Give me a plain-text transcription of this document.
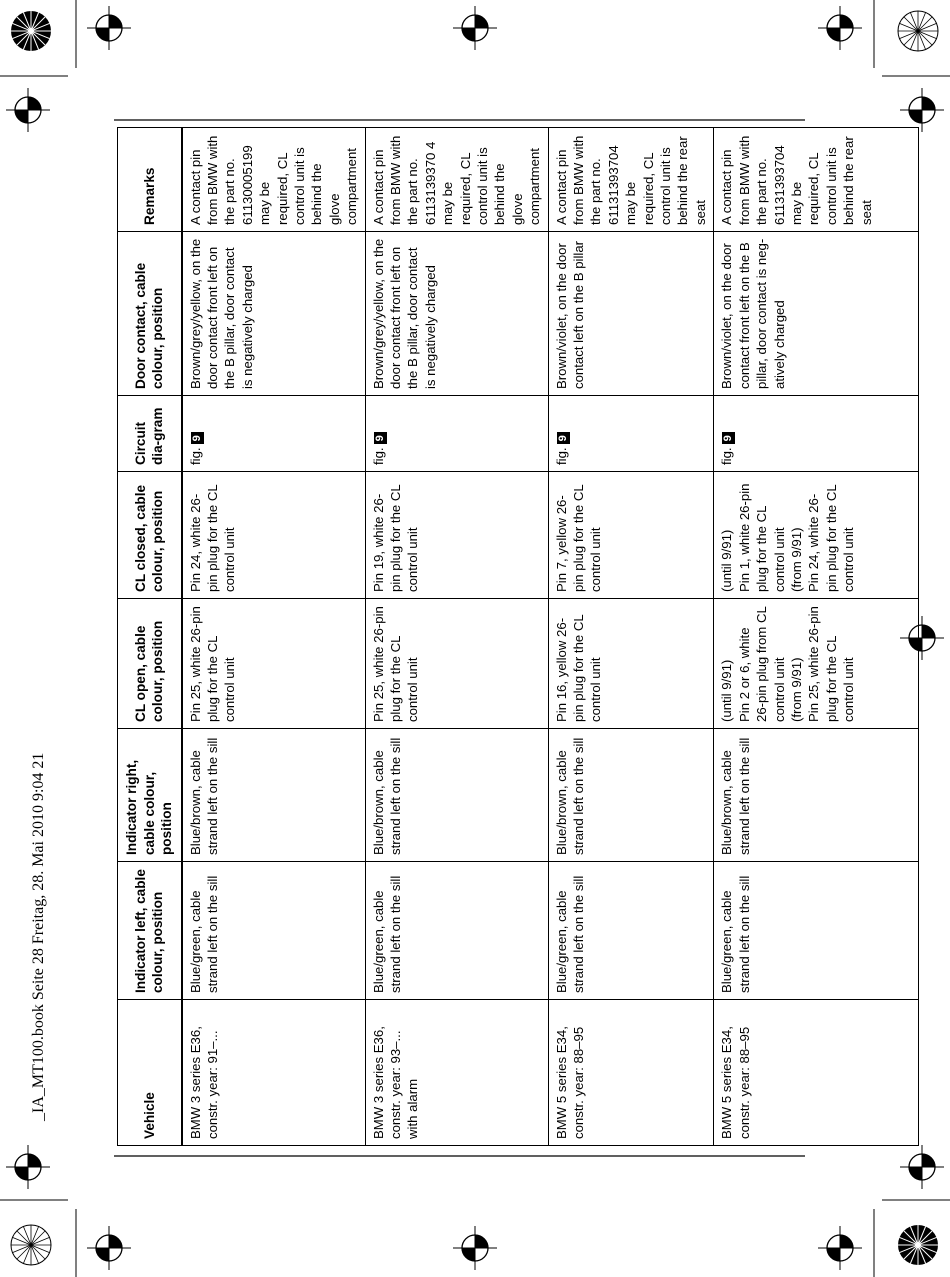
_IA_MT100.book Seite 28 Freitag, 28. Mai 2010 9:04 21	Vehicle	Indicator left, cable colour, position	Indicator right, cable colour, position	CL open, cable colour, position	CL closed, cable colour, position	Circuit dia-gram	Door contact, cable colour, position	Remarks
BMW 3 series E36, constr. year: 91–...	Blue/green, cable strand left on the sill	Blue/brown, cable strand left on the sill	Pin 25, white 26-pin plug for the CL control unit	Pin 24, white 26-pin plug for the CL control unit	fig.9	Brown/grey/yellow, on the door contact front left on the B pillar, door contact is negatively charged	A contact pin from BMW with the part no. 61130005199 may be required, CL control unit is behind the glove compartment
BMW 3 series E36, constr. year: 93–... with alarm	Blue/green, cable strand left on the sill	Blue/brown, cable strand left on the sill	Pin 25, white 26-pin plug for the CL control unit	Pin 19, white 26-pin plug for the CL control unit	fig.9	Brown/grey/yellow, on the door contact front left on the B pillar, door contact is negatively charged	A contact pin from BMW with the part no. 6113139370 4 may be required, CL control unit is behind the glove compartment
BMW 5 series E34, constr. year: 88–95	Blue/green, cable strand left on the sill	Blue/brown, cable strand left on the sill	Pin 16, yellow 26-pin plug for the CL control unit	Pin 7, yellow 26-pin plug for the CL control unit	fig.9	Brown/violet, on the door contact left on the B pillar	A contact pin from BMW with the part no. 61131393704 may be required, CL control unit is behind the rear seat
BMW 5 series E34, constr. year: 88–95	Blue/green, cable strand left on the sill	Blue/brown, cable strand left on the sill	(until 9/91) Pin 2 or 6, white 26-pin plug from CL control unit (from 9/91) Pin 25, white 26-pin plug for the CL control unit	(until 9/91) Pin 1, white 26-pin plug for the CL control unit (from 9/91) Pin 24, white 26-pin plug for the CL control unit	fig.9	Brown/violet, on the door contact front left on the B pillar, door contact is neg-atively charged	A contact pin from BMW with the part no. 61131393704 may be required, CL control unit is behind the rear seat
